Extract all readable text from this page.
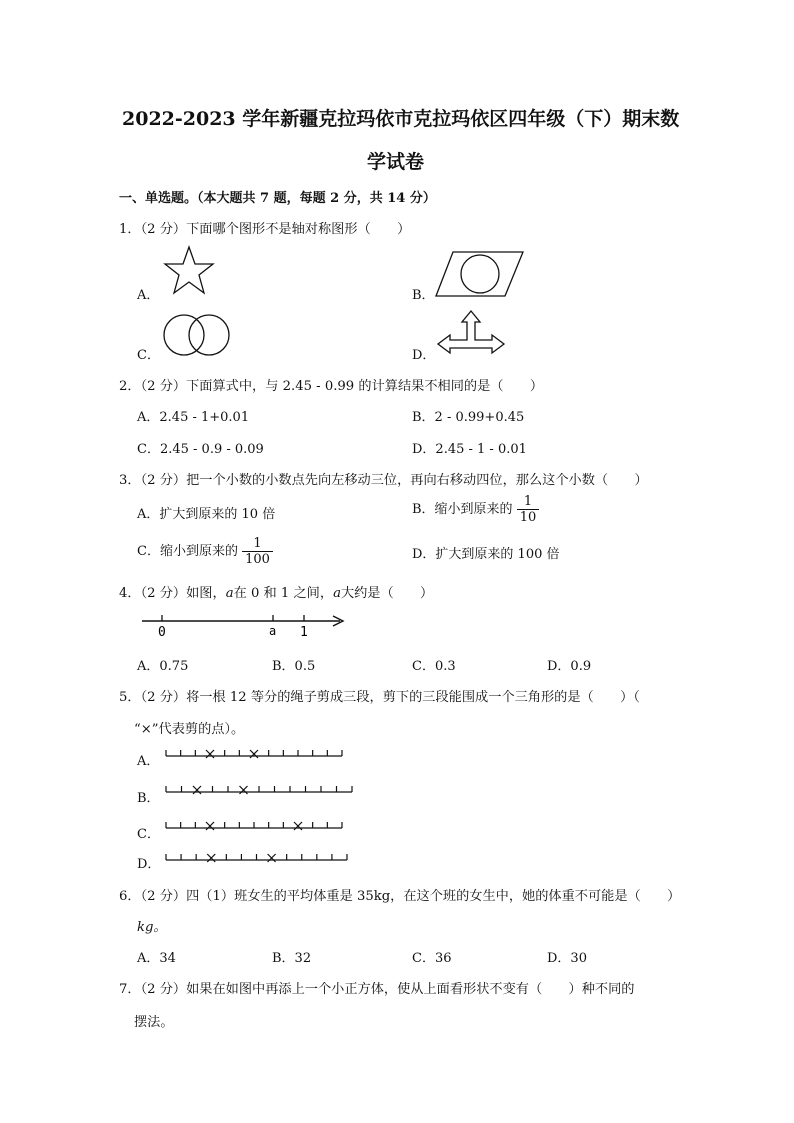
2022-2023 学年新疆克拉玛依市克拉玛依区四年级（下）期末数
学试卷
一、单选题。（本大题共 7 题，每题 2 分，共 14 分）
1．（2 分）下面哪个图形不是轴对称图形（　　）
A．	B．
C．	D．
2．（2 分）下面算式中，与 2.45 - 0.99 的计算结果不相同的是（　　）
A．2.45 - 1+0.01	B．2 - 0.99+0.45
C．2.45 - 0.9 - 0.09	D．2.45 - 1 - 0.01
3．（2 分）把一个小数的小数点先向左移动三位，再向右移动四位，那么这个小数（　　）
A．扩大到原来的 10 倍	B．缩小到原来的 $\frac{1}{10}$
C．缩小到原来的 $\frac{1}{100}$	D．扩大到原来的 100 倍
4．（2 分）如图，a在 0 和 1 之间，a大约是（　　）
0	a 1
A．0.75	B．0.5	C．0.3	D．0.9
5．（2 分）将一根 12 等分的绳子剪成三段，剪下的三段能围成一个三角形的是（　　）（
“×”代表剪的点）。
A．
B．
C．
D．
6．（2 分）四（1）班女生的平均体重是 35kg，在这个班的女生中，她的体重不可能是（　　）
kg。
A．34	B．32	C．36	D．30
7．（2 分）如果在如图中再添上一个小正方体，使从上面看形状不变有（　　）种不同的
摆法。
